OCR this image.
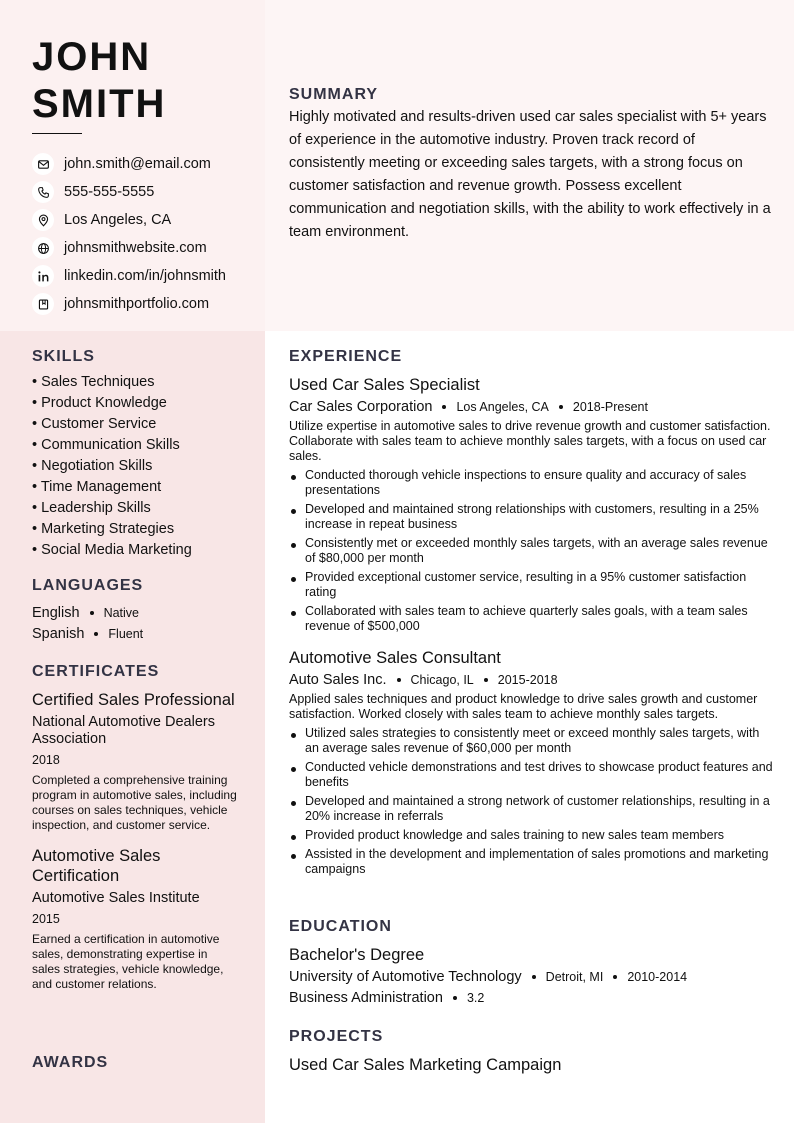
JOHN
SMITH
john.smith@email.com
555-555-5555
Los Angeles, CA
johnsmithwebsite.com
linkedin.com/in/johnsmith
johnsmithportfolio.com
SUMMARY
Highly motivated and results-driven used car sales specialist with 5+ years of experience in the automotive industry. Proven track record of consistently meeting or exceeding sales targets, with a strong focus on customer satisfaction and revenue growth. Possess excellent communication and negotiation skills, with the ability to work effectively in a team environment.
SKILLS
• Sales Techniques
• Product Knowledge
• Customer Service
• Communication Skills
• Negotiation Skills
• Time Management
• Leadership Skills
• Marketing Strategies
• Social Media Marketing
LANGUAGES
English Native
Spanish Fluent
CERTIFICATES
Certified Sales Professional
National Automotive Dealers Association
2018
Completed a comprehensive training program in automotive sales, including courses on sales techniques, vehicle inspection, and customer service.
Automotive Sales Certification
Automotive Sales Institute
2015
Earned a certification in automotive sales, demonstrating expertise in sales strategies, vehicle knowledge, and customer relations.
AWARDS
EXPERIENCE
Used Car Sales Specialist
Car Sales Corporation Los Angeles, CA 2018-Present
Utilize expertise in automotive sales to drive revenue growth and customer satisfaction. Collaborate with sales team to achieve monthly sales targets, with a focus on used car sales.
Conducted thorough vehicle inspections to ensure quality and accuracy of sales presentations
Developed and maintained strong relationships with customers, resulting in a 25% increase in repeat business
Consistently met or exceeded monthly sales targets, with an average sales revenue of $80,000 per month
Provided exceptional customer service, resulting in a 95% customer satisfaction rating
Collaborated with sales team to achieve quarterly sales goals, with a team sales revenue of $500,000
Automotive Sales Consultant
Auto Sales Inc. Chicago, IL 2015-2018
Applied sales techniques and product knowledge to drive sales growth and customer satisfaction. Worked closely with sales team to achieve monthly sales targets.
Utilized sales strategies to consistently meet or exceed monthly sales targets, with an average sales revenue of $60,000 per month
Conducted vehicle demonstrations and test drives to showcase product features and benefits
Developed and maintained a strong network of customer relationships, resulting in a 20% increase in referrals
Provided product knowledge and sales training to new sales team members
Assisted in the development and implementation of sales promotions and marketing campaigns
EDUCATION
Bachelor's Degree
University of Automotive Technology Detroit, MI 2010-2014
Business Administration 3.2
PROJECTS
Used Car Sales Marketing Campaign
